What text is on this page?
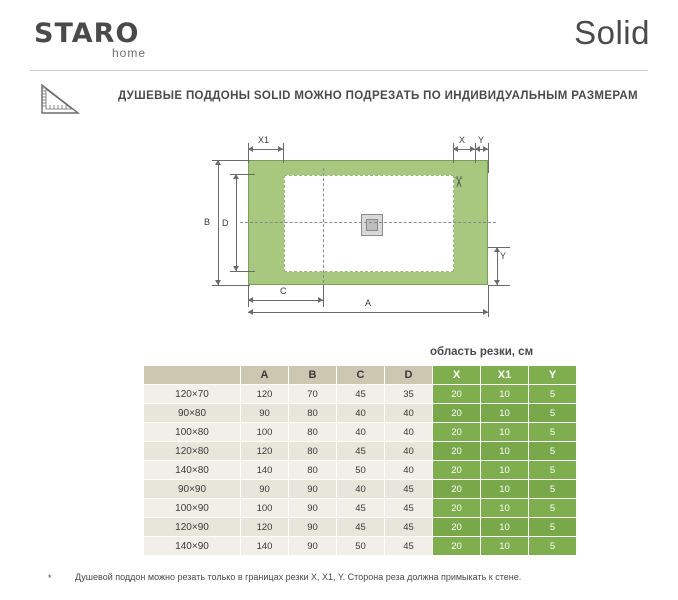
STARO
home
Solid
ДУШЕВЫЕ ПОДДОНЫ SOLID МОЖНО ПОДРЕЗАТЬ ПО ИНДИВИДУАЛЬНЫМ РАЗМЕРАМ
✂
X1	X Y
B D
Y
C
A
область резки, см
	A	B	C	D	X	X1	Y
120×70	120	70	45	35	20	10	5
90×80	90	80	40	40	20	10	5
100×80	100	80	40	40	20	10	5
120×80	120	80	45	40	20	10	5
140×80	140	80	50	40	20	10	5
90×90	90	90	40	45	20	10	5
100×90	100	90	45	45	20	10	5
120×90	120	90	45	45	20	10	5
140×90	140	90	50	45	20	10	5
*	Душевой поддон можно резать только в границах резки X, X1, Y. Сторона реза должна примыкать к стене.
